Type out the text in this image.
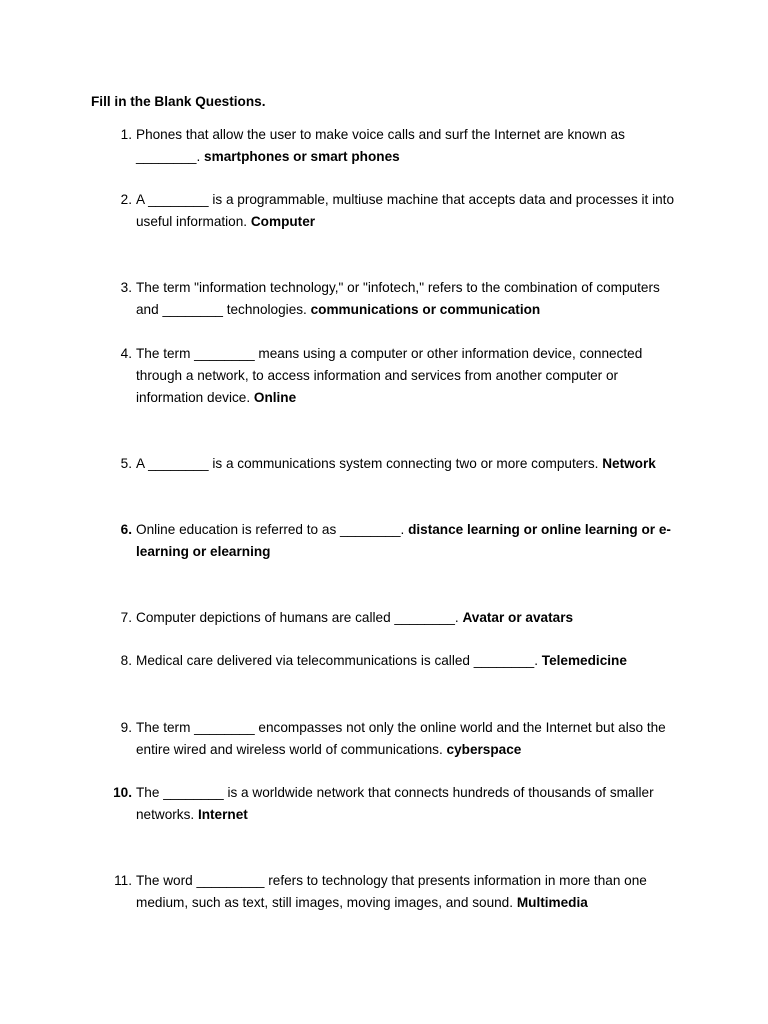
Fill in the Blank Questions.
1. Phones that allow the user to make voice calls and surf the Internet are known as ________. smartphones or smart phones
2. A ________ is a programmable, multiuse machine that accepts data and processes it into useful information. Computer
3. The term "information technology," or "infotech," refers to the combination of computers and ________ technologies. communications or communication
4. The term ________ means using a computer or other information device, connected through a network, to access information and services from another computer or information device. Online
5. A ________ is a communications system connecting two or more computers. Network
6. Online education is referred to as ________. distance learning or online learning or e-learning or elearning
7. Computer depictions of humans are called ________. Avatar or avatars
8. Medical care delivered via telecommunications is called ________. Telemedicine
9. The term ________ encompasses not only the online world and the Internet but also the entire wired and wireless world of communications. cyberspace
10. The ________ is a worldwide network that connects hundreds of thousands of smaller networks. Internet
11. The word _________ refers to technology that presents information in more than one medium, such as text, still images, moving images, and sound. Multimedia
